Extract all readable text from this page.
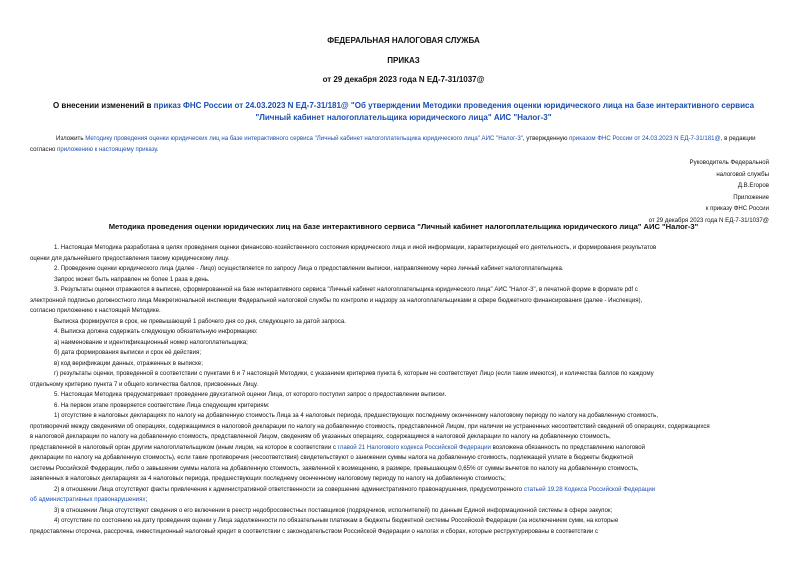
ФЕДЕРАЛЬНАЯ НАЛОГОВАЯ СЛУЖБА
ПРИКАЗ
от 29 декабря 2023 года N ЕД-7-31/1037@
О внесении изменений в приказ ФНС России от 24.03.2023 N ЕД-7-31/181@ "Об утверждении Методики проведения оценки юридического лица на базе интерактивного сервиса "Личный кабинет налогоплательщика юридического лица" АИС "Налог-3"
Изложить Методику проведения оценки юридических лиц на базе интерактивного сервиса "Личный кабинет налогоплательщика юридического лица" АИС "Налог-3", утвержденную приказом ФНС России от 24.03.2023 N ЕД-7-31/181@, в редакции согласно приложению к настоящему приказу.
Руководитель Федеральной
налоговой службы
Д.В.Егоров
Приложение
к приказу ФНС России
от 29 декабря 2023 года N ЕД-7-31/1037@
Методика проведения оценки юридических лиц на базе интерактивного сервиса "Личный кабинет налогоплательщика юридического лица" АИС "Налог-3"
1. Настоящая Методика разработана в целях проведения оценки финансово-хозяйственного состояния юридического лица и иной информации, характеризующей его деятельность, и формирования результатов
оценки для дальнейшего предоставления такому юридическому лицу.
2. Проведение оценки юридического лица (далее - Лицо) осуществляется по запросу Лица о предоставлении выписки, направляемому через личный кабинет налогоплательщика.
Запрос может быть направлен не более 1 раза в день.
3. Результаты оценки отражаются в выписке, сформированной на базе интерактивного сервиса "Личный кабинет налогоплательщика юридического лица" АИС "Налог-3", в печатной форме в формате pdf с
электронной подписью должностного лица Межрегиональной инспекции Федеральной налоговой службы по контролю и надзору за налогоплательщиками в сфере бюджетного финансирования (далее - Инспекция),
согласно приложению к настоящей Методике.
Выписка формируется в срок, не превышающий 1 рабочего дня со дня, следующего за датой запроса.
4. Выписка должна содержать следующую обязательную информацию:
а) наименование и идентификационный номер налогоплательщика;
б) дата формирования выписки и срок её действия;
в) код верификации данных, отраженных в выписке;
г) результаты оценки, проведенной в соответствии с пунктами 6 и 7 настоящей Методики, с указанием критериев пункта 6, которым не соответствует Лицо (если такие имеются), и количества баллов по каждому
отдельному критерию пункта 7 и общего количества баллов, присвоенных Лицу.
5. Настоящая Методика предусматривает проведение двухэтапной оценки Лица, от которого поступил запрос о предоставлении выписки.
6. На первом этапе проверяется соответствие Лица следующим критериям:
1) отсутствие в налоговых декларациях по налогу на добавленную стоимость Лица за 4 налоговых периода, предшествующих последнему оконченному налоговому периоду по налогу на добавленную стоимость,
противоречий между сведениями об операциях, содержащимися в налоговой декларации по налогу на добавленную стоимость, представленной Лицом, при наличии не устраненных несоответствий сведений об операциях, содержащихся
в налоговой декларации по налогу на добавленную стоимость, представленной Лицом, сведениям об указанных операциях, содержащимся в налоговой декларации по налогу на добавленную стоимость,
представленной в налоговый орган другим налогоплательщиком (иным лицом, на которое в соответствии с главой 21 Налогового кодекса Российской Федерации возложена обязанность по представлению налоговой
декларации по налогу на добавленную стоимость), если такие противоречия (несоответствия) свидетельствуют о занижении суммы налога на добавленную стоимость, подлежащей уплате в бюджеты бюджетной
системы Российской Федерации, либо о завышении суммы налога на добавленную стоимость, заявленной к возмещению, в размере, превышающем 0,65% от суммы вычетов по налогу на добавленную стоимость,
заявленных в налоговых декларациях за 4 налоговых периода, предшествующих последнему оконченному налоговому периоду по налогу на добавленную стоимость;
2) в отношении Лица отсутствуют факты привлечения к административной ответственности за совершение административного правонарушения, предусмотренного статьей 19.28 Кодекса Российской Федерации
об административных правонарушениях;
3) в отношении Лица отсутствуют сведения о его включении в реестр недобросовестных поставщиков (подрядчиков, исполнителей) по данным Единой информационной системы в сфере закупок;
4) отсутствие по состоянию на дату проведения оценки у Лица задолженности по обязательным платежам в бюджеты бюджетной системы Российской Федерации (за исключением сумм, на которые
предоставлены отсрочка, рассрочка, инвестиционный налоговый кредит в соответствии с законодательством Российской Федерации о налогах и сборах, которые реструктурированы в соответствии с
